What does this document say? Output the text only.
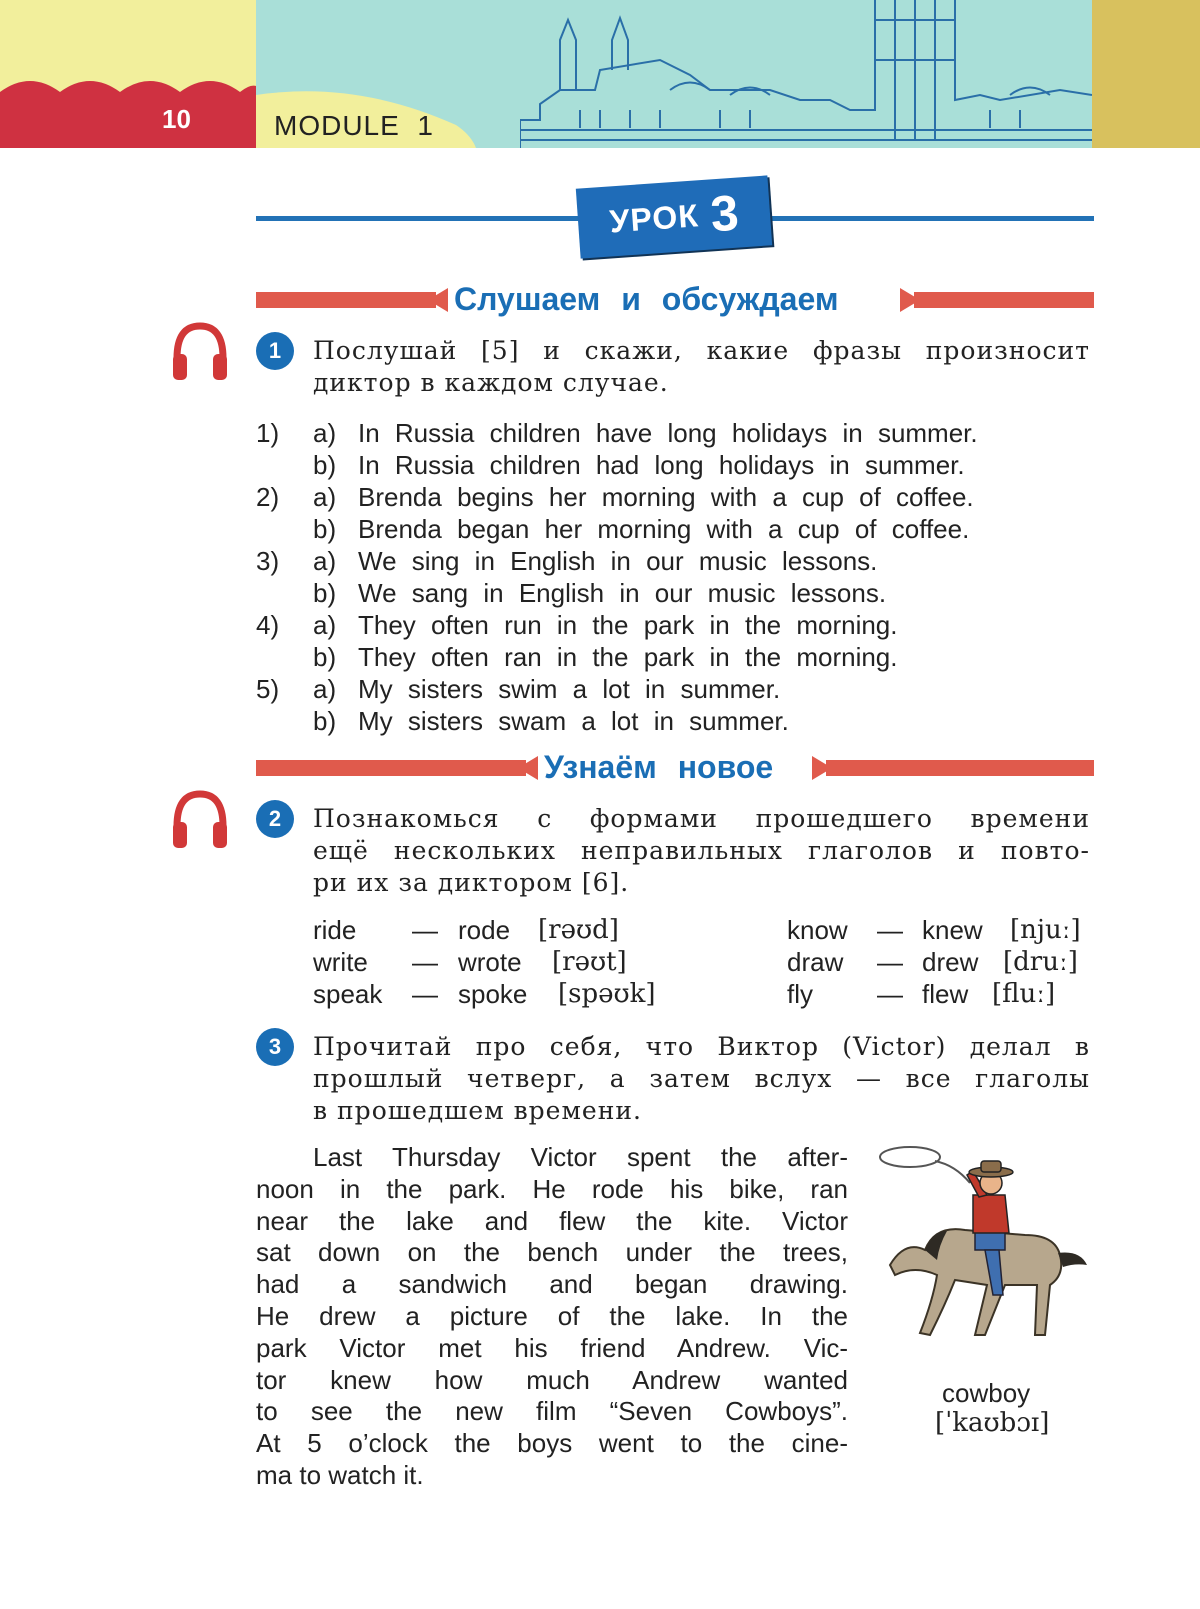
10	MODULE  1
УРОК 3
Слушаем и обсуждаем
1	Послушай [5] и скажи, какие фразы произносит
диктор в каждом случае.
1) a) In Russia children have long holidays in summer.
b) In Russia children had long holidays in summer.
2) a) Brenda begins her morning with a cup of coffee.
b) Brenda began her morning with a cup of coffee.
3) a) We sing in English in our music lessons.
b) We sang in English in our music lessons.
4) a) They often run in the park in the morning.
b) They often ran in the park in the morning.
5) a) My sisters swim a lot in summer.
b) My sisters swam a lot in summer.
Узнаём новое
2	Познакомься с формами прошедшего времени
ещё нескольких неправильных глаголов и повто-
ри их за диктором [6].
ride — rode [rəʊd]
write — wrote [rəʊt]
speak — spoke [spəʊk]
know — knew [njuː]
draw — drew [druː]
fly — flew [fluː]
3	Прочитай про себя, что Виктор (Victor) делал в
прошлый четверг, а затем вслух — все глаголы
в прошедшем времени.
Last Thursday Victor spent the after-
noon in the park. He rode his bike, ran
near the lake and flew the kite. Victor
sat down on the bench under the trees,
had a sandwich and began drawing.
He drew a picture of the lake. In the
park Victor met his friend Andrew. Vic-
tor knew how much Andrew wanted
to see the new film “Seven Cowboys”.
At 5 o’clock the boys went to the cine-
ma to watch it.
cowboy
[ˈkaʊbɔɪ]
